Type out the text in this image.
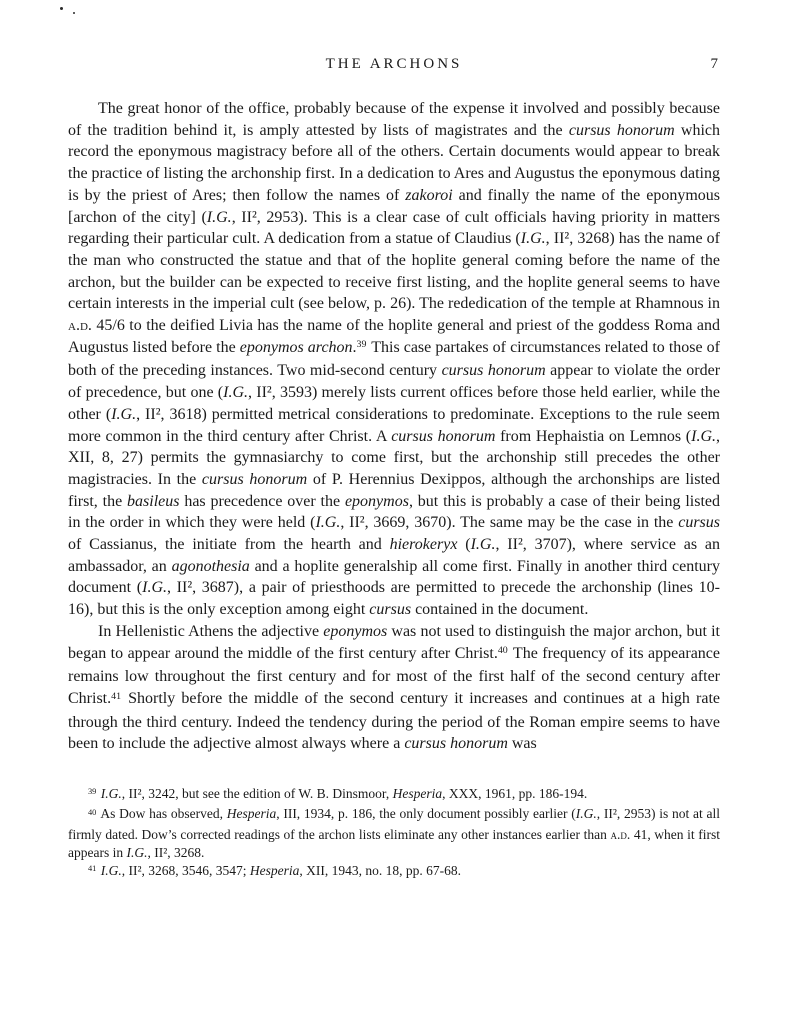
THE ARCHONS	7

The great honor of the office, probably because of the expense it involved and possibly because of the tradition behind it, is amply attested by lists of magistrates and the cursus honorum which record the eponymous magistracy before all of the others. Certain documents would appear to break the practice of listing the archonship first. In a dedication to Ares and Augustus the eponymous dating is by the priest of Ares; then follow the names of zakoroi and finally the name of the eponymous [archon of the city] (I.G., II², 2953). This is a clear case of cult officials having priority in matters regarding their particular cult. A dedication from a statue of Claudius (I.G., II², 3268) has the name of the man who constructed the statue and that of the hoplite general coming before the name of the archon, but the builder can be expected to receive first listing, and the hoplite general seems to have certain interests in the imperial cult (see below, p. 26). The rededication of the temple at Rhamnous in a.d. 45/6 to the deified Livia has the name of the hoplite general and priest of the goddess Roma and Augustus listed before the eponymos archon.$^{39}$ This case partakes of circumstances related to those of both of the preceding instances. Two mid-second century cursus honorum appear to violate the order of precedence, but one (I.G., II², 3593) merely lists current offices before those held earlier, while the other (I.G., II², 3618) permitted metrical considerations to predominate. Exceptions to the rule seem more common in the third century after Christ. A cursus honorum from Hephaistia on Lemnos (I.G., XII, 8, 27) permits the gymnasiarchy to come first, but the archonship still precedes the other magistracies. In the cursus honorum of P. Herennius Dexippos, although the archonships are listed first, the basileus has precedence over the eponymos, but this is probably a case of their being listed in the order in which they were held (I.G., II², 3669, 3670). The same may be the case in the cursus of Cassianus, the initiate from the hearth and hierokeryx (I.G., II², 3707), where service as an ambassador, an agonothesia and a hoplite generalship all come first. Finally in another third century document (I.G., II², 3687), a pair of priesthoods are permitted to precede the archonship (lines 10-16), but this is the only exception among eight cursus contained in the document.

In Hellenistic Athens the adjective eponymos was not used to distinguish the major archon, but it began to appear around the middle of the first century after Christ.$^{40}$ The frequency of its appearance remains low throughout the first century and for most of the first half of the second century after Christ.$^{41}$ Shortly before the middle of the second century it increases and continues at a high rate through the third century. Indeed the tendency during the period of the Roman empire seems to have been to include the adjective almost always where a cursus honorum was

$^{39}$ I.G., II², 3242, but see the edition of W. B. Dinsmoor, Hesperia, XXX, 1961, pp. 186-194.

$^{40}$ As Dow has observed, Hesperia, III, 1934, p. 186, the only document possibly earlier (I.G., II², 2953) is not at all firmly dated. Dow’s corrected readings of the archon lists eliminate any other instances earlier than a.d. 41, when it first appears in I.G., II², 3268.

$^{41}$ I.G., II², 3268, 3546, 3547; Hesperia, XII, 1943, no. 18, pp. 67-68.
